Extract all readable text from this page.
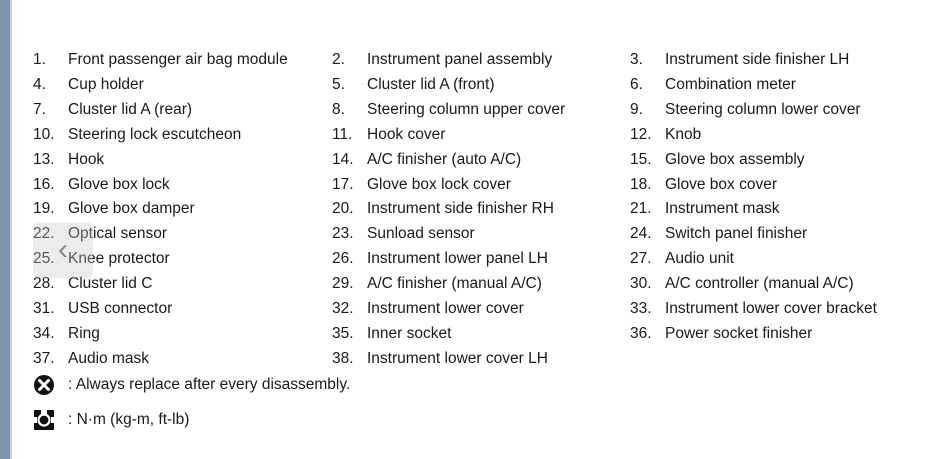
1. Front passenger air bag module	2. Instrument panel assembly	3. Instrument side finisher LH
4. Cup holder	5. Cluster lid A (front)	6. Combination meter
7. Cluster lid A (rear)	8. Steering column upper cover	9. Steering column lower cover
10. Steering lock escutcheon	11. Hook cover	12. Knob
13. Hook	14. A/C finisher (auto A/C)	15. Glove box assembly
16. Glove box lock	17. Glove box lock cover	18. Glove box cover
19. Glove box damper	20. Instrument side finisher RH	21. Instrument mask
22. Optical sensor	23. Sunload sensor	24. Switch panel finisher
25. Knee protector	26. Instrument lower panel LH	27. Audio unit
28. Cluster lid C	29. A/C finisher (manual A/C)	30. A/C controller (manual A/C)
31. USB connector	32. Instrument lower cover	33. Instrument lower cover bracket
34. Ring	35. Inner socket	36. Power socket finisher
37. Audio mask	38. Instrument lower cover LH
: Always replace after every disassembly.
: N·m (kg-m, ft-lb)
‹
